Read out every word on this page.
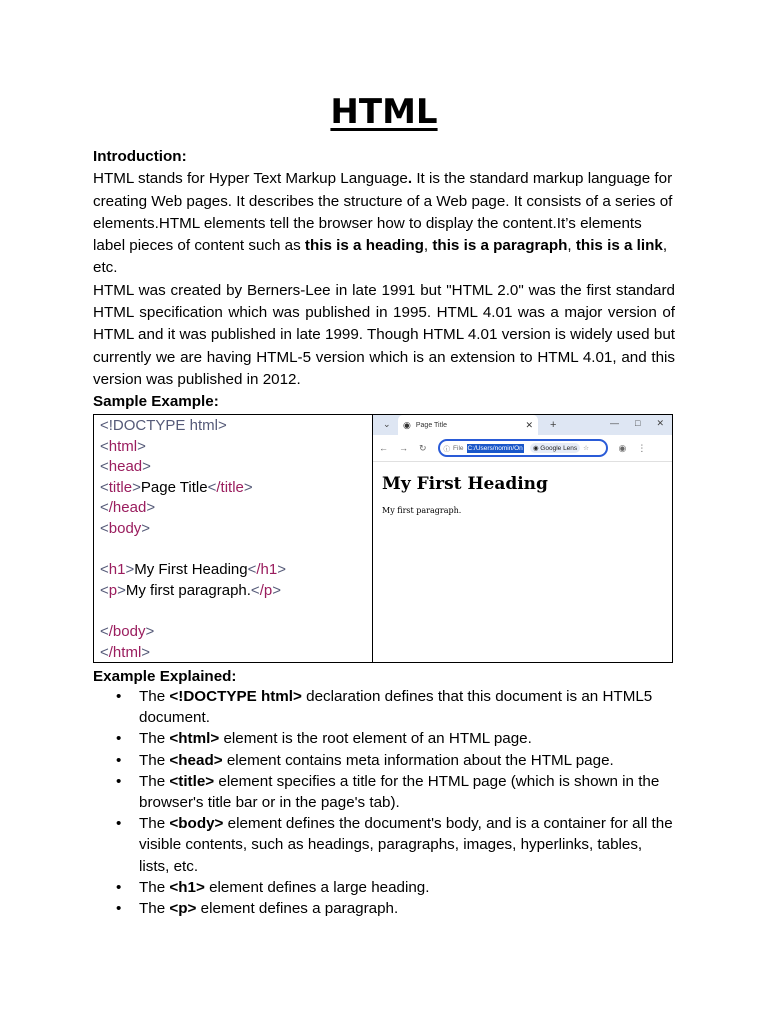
HTML

Introduction:

HTML stands for Hyper Text Markup Language. It is the standard markup language for creating Web pages. It describes the structure of a Web page. It consists of a series of elements.HTML elements tell the browser how to display the content.It’s elements label pieces of content such as this is a heading, this is a paragraph, this is a link, etc.

HTML was created by Berners-Lee in late 1991 but "HTML 2.0" was the first standard HTML specification which was published in 1995. HTML 4.01 was a major version of HTML and it was published in late 1999. Though HTML 4.01 version is widely used but currently we are having HTML-5 version which is an extension to HTML 4.01, and this version was published in 2012.

Sample Example:

<!DOCTYPE html>
<html>
<head>
<title>Page Title</title>
</head>
<body>
<h1>My First Heading</h1>
<p>My first paragraph.</p>
</body>
</html>
⌄ ◉ Page Title	✕ +	— □ ✕
← → ↻	ⓘ File C:/Users/nomin/On	◉ Google Lens ☆	◉ ⋮
My First Heading
My first paragraph.
Example Explained:
• The <!DOCTYPE html> declaration defines that this document is an HTML5 document.
• The <html> element is the root element of an HTML page.
• The <head> element contains meta information about the HTML page.
• The <title> element specifies a title for the HTML page (which is shown in the browser's title bar or in the page's tab).
• The <body> element defines the document's body, and is a container for all the visible contents, such as headings, paragraphs, images, hyperlinks, tables, lists, etc.
• The <h1> element defines a large heading.
• The <p> element defines a paragraph.
